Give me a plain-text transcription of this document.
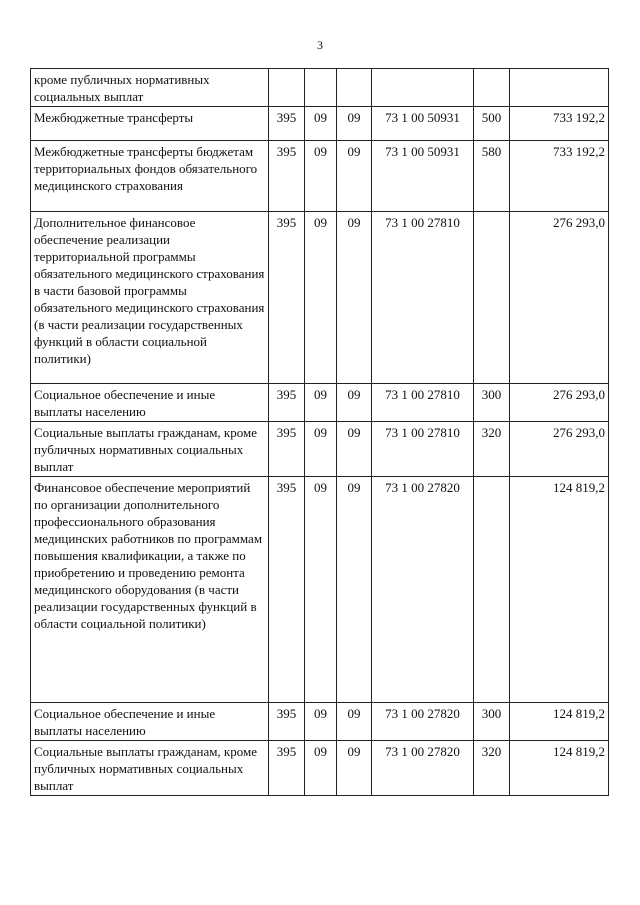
3
кроме публичных нормативных социальных выплат						
Межбюджетные трансферты	395	09	09	73 1 00 50931	500	733 192,2
Межбюджетные трансферты бюджетам территориальных фондов обязательного медицинского страхования	395	09	09	73 1 00 50931	580	733 192,2
Дополнительное финансовое обеспечение реализации территориальной программы обязательного медицинского страхования в части базовой программы обязательного медицинского страхования (в части реализации государственных функций в области социальной политики)	395	09	09	73 1 00 27810		276 293,0
Социальное обеспечение и иные выплаты населению	395	09	09	73 1 00 27810	300	276 293,0
Социальные выплаты гражданам, кроме публичных нормативных социальных выплат	395	09	09	73 1 00 27810	320	276 293,0
Финансовое обеспечение мероприятий по организации дополнительного профессионального образования медицинских работников по программам повышения квалификации, а также по приобретению и проведению ремонта медицинского оборудования (в части реализации государственных функций в области социальной политики)	395	09	09	73 1 00 27820		124 819,2
Социальное обеспечение и иные выплаты населению	395	09	09	73 1 00 27820	300	124 819,2
Социальные выплаты гражданам, кроме публичных нормативных социальных выплат	395	09	09	73 1 00 27820	320	124 819,2
